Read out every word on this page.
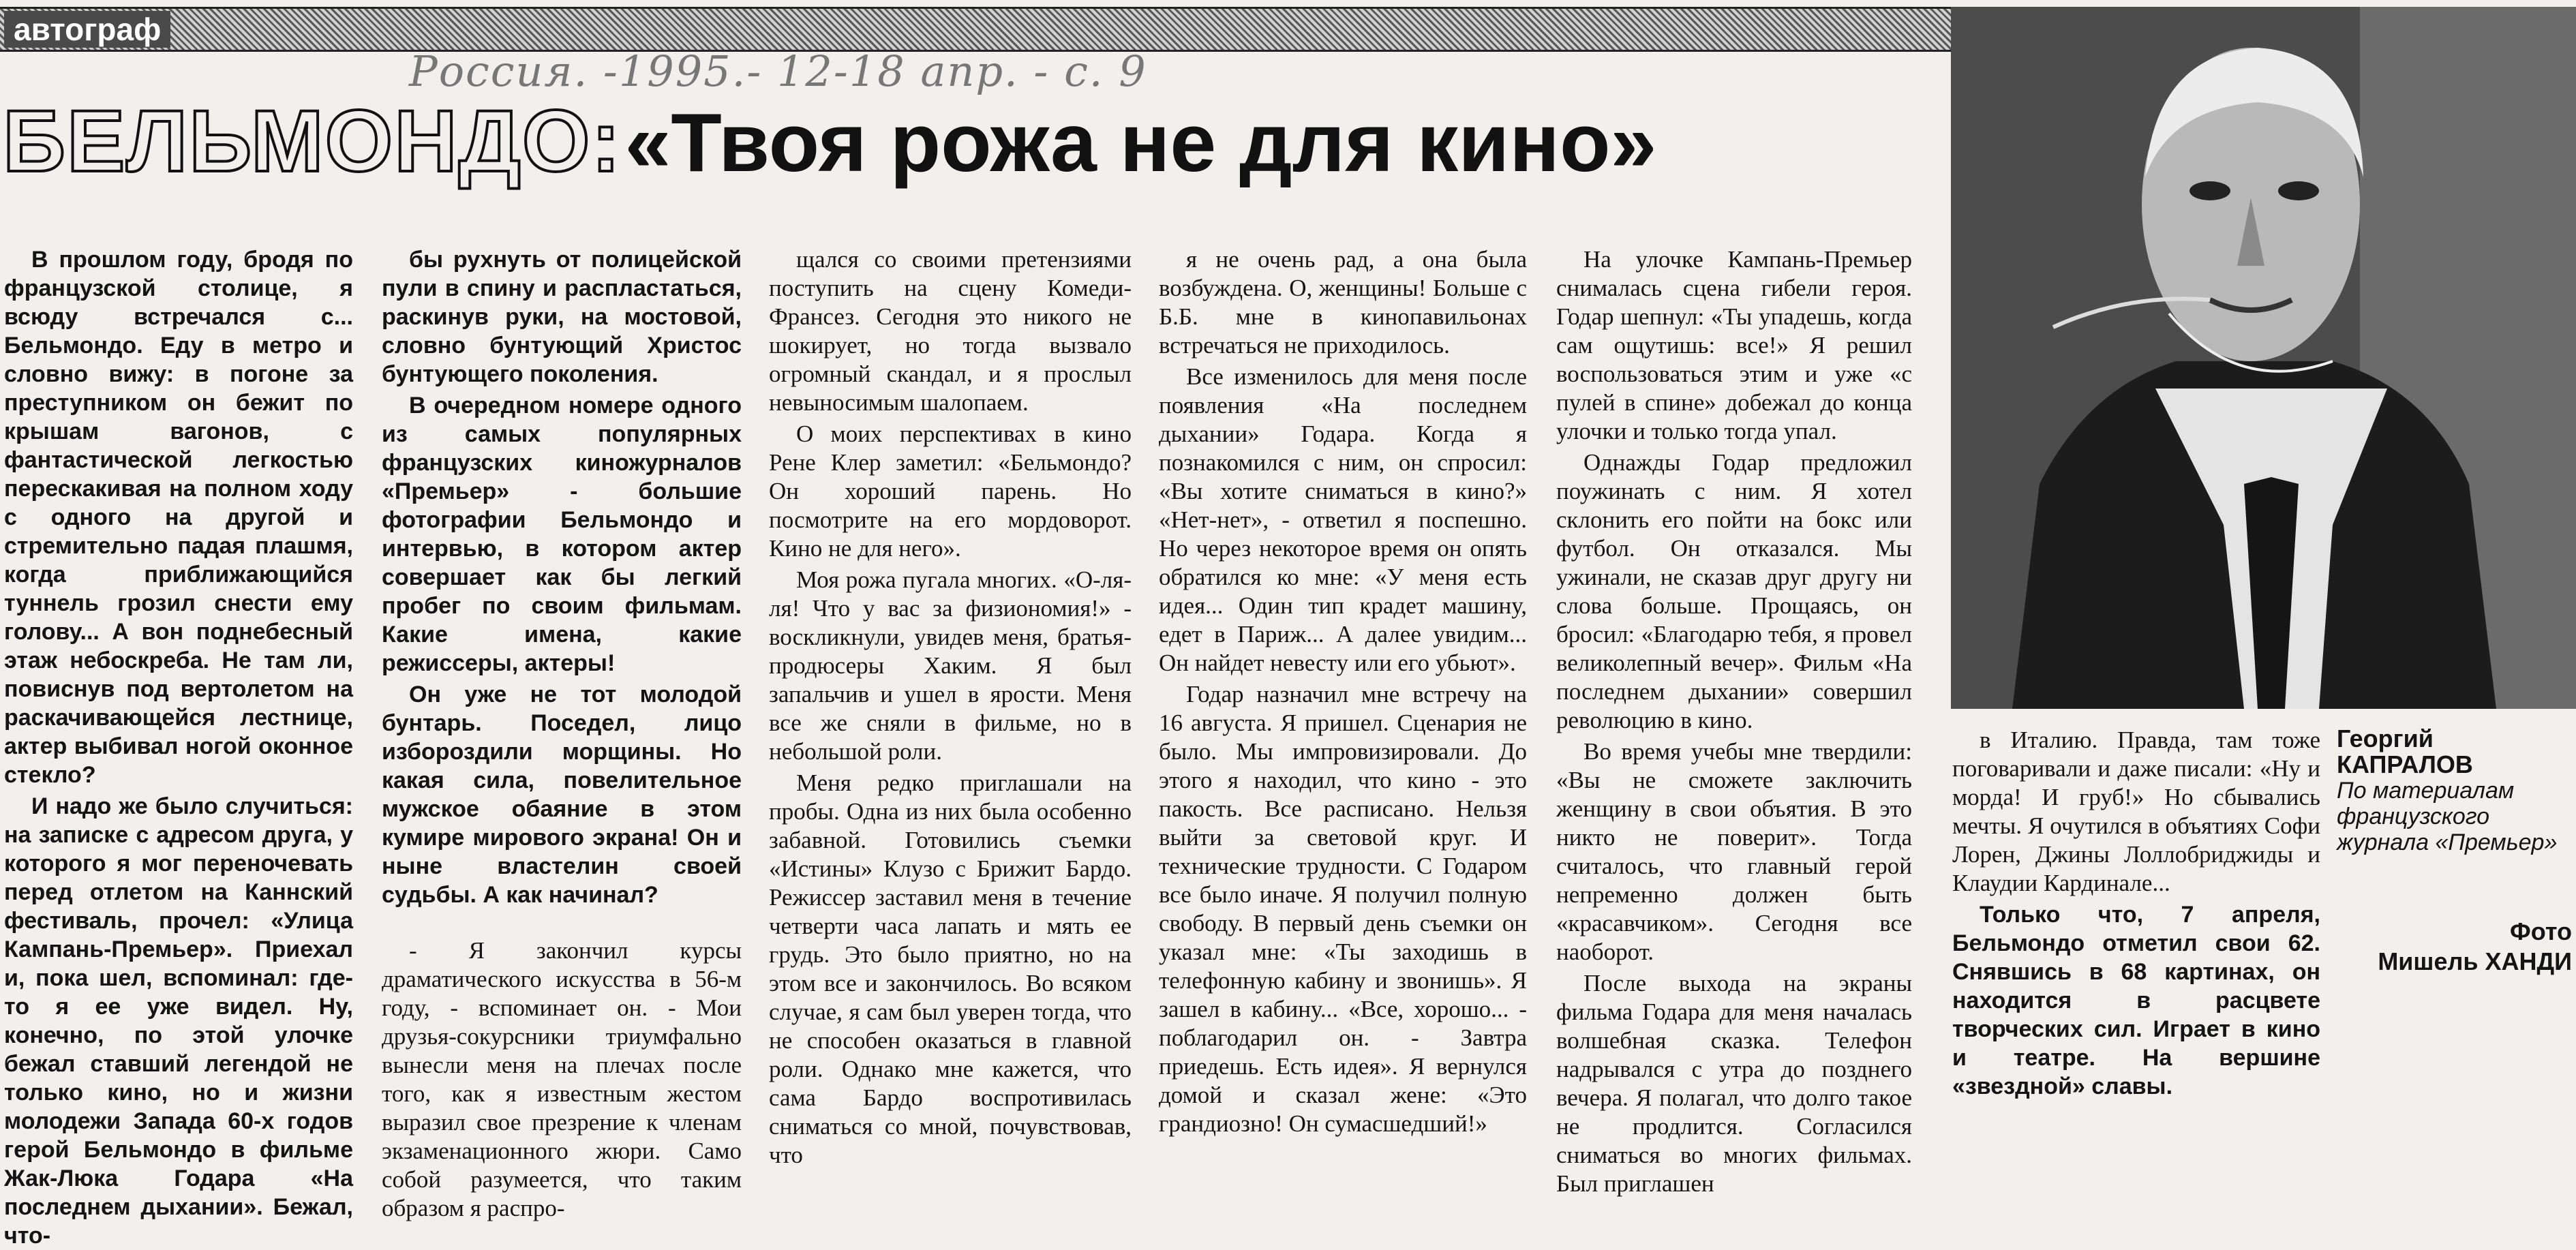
автограф
Россия. -1995.- 12-18 апр. - с. 9
БЕЛЬМОНДО: «Твоя рожа не для кино»

В прошлом году, бродя по французской столице, я всюду встречался с... Бельмондо. Еду в метро и словно вижу: в погоне за преступником он бежит по крышам вагонов, с фантастической легкостью перескакивая на полном ходу с одного на другой и стремительно падая плашмя, когда приближающийся туннель грозил снести ему голову... А вон поднебесный этаж небоскреба. Не там ли, повиснув под вертолетом на раскачивающейся лестнице, актер выбивал ногой оконное стекло?

И надо же было случиться: на записке с адресом друга, у которого я мог переночевать перед отлетом на Каннский фестиваль, прочел: «Улица Кампань-Премьер». Приехал и, пока шел, вспоминал: где-то я ее уже видел. Ну, конечно, по этой улочке бежал ставший легендой не только кино, но и жизни молодежи Запада 60-х годов герой Бельмондо в фильме Жак-Люка Годара «На последнем дыхании». Бежал, что-

бы рухнуть от полицейской пули в спину и распластаться, раскинув руки, на мостовой, словно бунтующий Христос бунтующего поколения.

В очередном номере одного из самых популярных французских киножурналов «Премьер» - большие фотографии Бельмондо и интервью, в котором актер совершает как бы легкий пробег по своим фильмам. Какие имена, какие режиссеры, актеры!

Он уже не тот молодой бунтарь. Поседел, лицо избороздили морщины. Но какая сила, повелительное мужское обаяние в этом кумире мирового экрана! Он и ныне властелин своей судьбы. А как начинал?

- Я закончил курсы драматического искусства в 56-м году, - вспоминает он. - Мои друзья-сокурсники триумфально вынесли меня на плечах после того, как я известным жестом выразил свое презрение к членам экзаменационного жюри. Само собой разумеется, что таким образом я распро-

щался со своими претензиями поступить на сцену Комеди-Франсез. Сегодня это никого не шокирует, но тогда вызвало огромный скандал, и я прослыл невыносимым шалопаем.

О моих перспективах в кино Рене Клер заметил: «Бельмондо? Он хороший парень. Но посмотрите на его мордоворот. Кино не для него».

Моя рожа пугала многих. «О-ля-ля! Что у вас за физиономия!» - воскликнули, увидев меня, братья-продюсеры Хаким. Я был запальчив и ушел в ярости. Меня все же сняли в фильме, но в небольшой роли.

Меня редко приглашали на пробы. Одна из них была особенно забавной. Готовились съемки «Истины» Клузо с Брижит Бардо. Режиссер заставил меня в течение четверти часа лапать и мять ее грудь. Это было приятно, но на этом все и закончилось. Во всяком случае, я сам был уверен тогда, что не способен оказаться в главной роли. Однако мне кажется, что сама Бардо воспротивилась сниматься со мной, почувствовав, что

я не очень рад, а она была возбуждена. О, женщины! Больше с Б.Б. мне в кинопавильонах встречаться не приходилось.

Все изменилось для меня после появления «На последнем дыхании» Годара. Когда я познакомился с ним, он спросил: «Вы хотите сниматься в кино?» «Нет-нет», - ответил я поспешно. Но через некоторое время он опять обратился ко мне: «У меня есть идея... Один тип крадет машину, едет в Париж... А далее увидим... Он найдет невесту или его убьют».

Годар назначил мне встречу на 16 августа. Я пришел. Сценария не было. Мы импровизировали. До этого я находил, что кино - это пакость. Все расписано. Нельзя выйти за световой круг. И технические трудности. С Годаром все было иначе. Я получил полную свободу. В первый день съемки он указал мне: «Ты заходишь в телефонную кабину и звонишь». Я зашел в кабину... «Все, хорошо... - поблагодарил он. - Завтра приедешь. Есть идея». Я вернулся домой и сказал жене: «Это грандиозно! Он сумасшедший!»

На улочке Кампань-Премьер снималась сцена гибели героя. Годар шепнул: «Ты упадешь, когда сам ощутишь: все!» Я решил воспользоваться этим и уже «с пулей в спине» добежал до конца улочки и только тогда упал.

Однажды Годар предложил поужинать с ним. Я хотел склонить его пойти на бокс или футбол. Он отказался. Мы ужинали, не сказав друг другу ни слова больше. Прощаясь, он бросил: «Благодарю тебя, я провел великолепный вечер». Фильм «На последнем дыхании» совершил революцию в кино.

Во время учебы мне твердили: «Вы не сможете заключить женщину в свои объятия. В это никто не поверит». Тогда считалось, что главный герой непременно должен быть «красавчиком». Сегодня все наоборот.

После выхода на экраны фильма Годара для меня началась волшебная сказка. Телефон надрывался с утра до позднего вечера. Я полагал, что долго такое не продлится. Согласился сниматься во многих фильмах. Был приглашен

в Италию. Правда, там тоже поговаривали и даже писали: «Ну и морда! И груб!» Но сбывались мечты. Я очутился в объятиях Софи Лорен, Джины Лоллобриджиды и Клаудии Кардинале...

Только что, 7 апреля, Бельмондо отметил свои 62. Снявшись в 68 картинах, он находится в расцвете творческих сил. Играет в кино и театре. На вершине «звездной» славы.

Георгий КАПРАЛОВ
По материалам французского журнала «Премьер»
Фото
Мишель ХАНДИ
